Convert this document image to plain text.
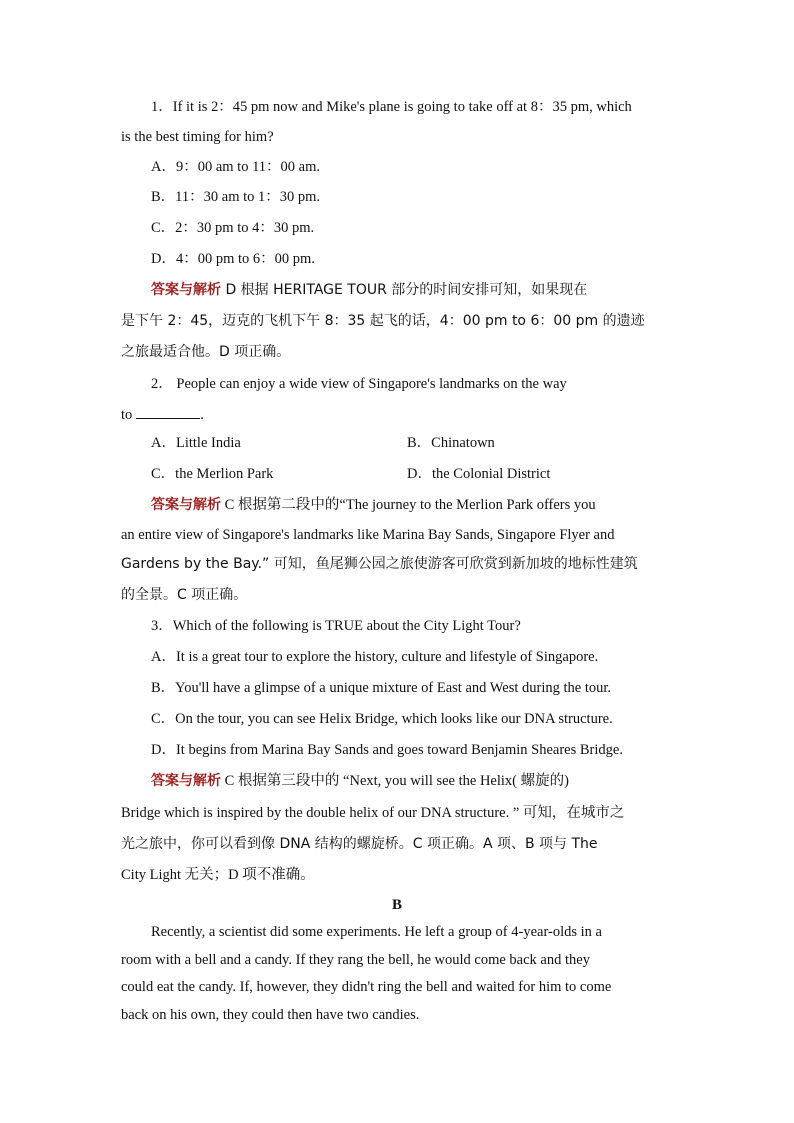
1．If it is 2：45 pm now and Mike's plane is going to take off at 8：35 pm, which
is the best timing for him?
A．9：00 am to 11：00 am.
B．11：30 am to 1：30 pm.
C．2：30 pm to 4：30 pm.
D．4：00 pm to 6：00 pm.
答案与解析 D 根据 HERITAGE TOUR 部分的时间安排可知，如果现在
是下午 2：45，迈克的飞机下午 8：35 起飞的话，4：00 pm to 6：00 pm 的遗迹
之旅最适合他。D 项正确。
2． People can enjoy a wide view of Singapore's landmarks on the way
to	.
A．Little India	B．Chinatown
C．the Merlion Park	D．the Colonial District
答案与解析 C 根据第二段中的“The journey to the Merlion Park offers you
an entire view of Singapore's landmarks like Marina Bay Sands, Singapore Flyer and
Gardens by the Bay.” 可知，鱼尾狮公园之旅使游客可欣赏到新加坡的地标性建筑
的全景。C 项正确。
3．Which of the following is TRUE about the City Light Tour?
A．It is a great tour to explore the history, culture and lifestyle of Singapore.
B．You'll have a glimpse of a unique mixture of East and West during the tour.
C．On the tour, you can see Helix Bridge, which looks like our DNA structure.
D．It begins from Marina Bay Sands and goes toward Benjamin Sheares Bridge.
答案与解析 C 根据第三段中的 “Next, you will see the Helix( 螺旋的)
Bridge which is inspired by the double helix of our DNA structure. ” 可知，在城市之
光之旅中，你可以看到像 DNA 结构的螺旋桥。C 项正确。A 项、B 项与 The
City Light 无关；D 项不准确。
B
Recently, a scientist did some experiments. He left a group of 4-year-olds in a
room with a bell and a candy. If they rang the bell, he would come back and they
could eat the candy. If, however, they didn't ring the bell and waited for him to come
back on his own, they could then have two candies.
